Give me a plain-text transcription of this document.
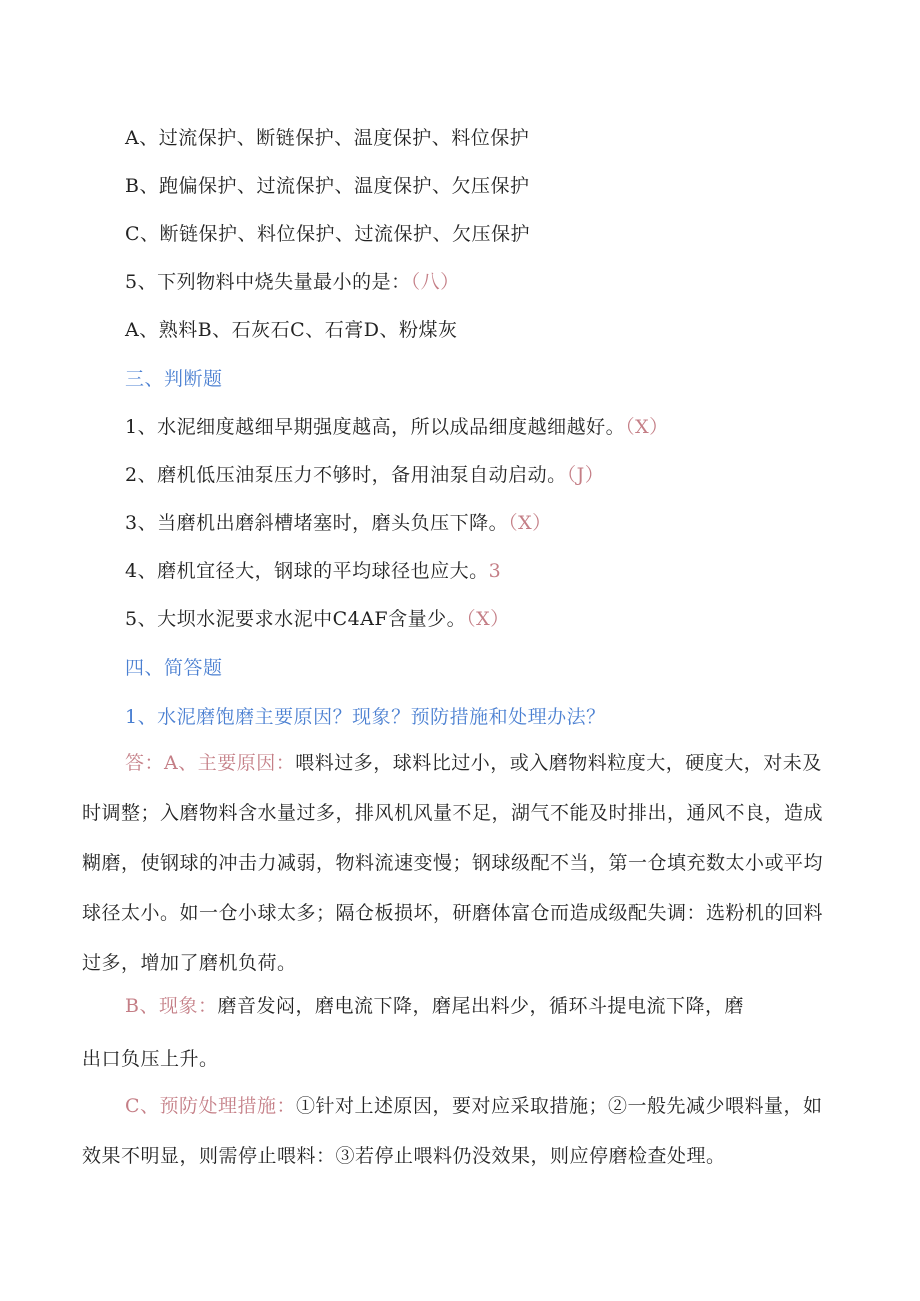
A、过流保护、断链保护、温度保护、料位保护

B、跑偏保护、过流保护、温度保护、欠压保护

C、断链保护、料位保护、过流保护、欠压保护

5、下列物料中烧失量最小的是：（八）

A、熟料B、石灰石C、石膏D、粉煤灰

三、判断题

1、水泥细度越细早期强度越高，所以成品细度越细越好。（X）

2、磨机低压油泵压力不够时，备用油泵自动启动。（J）

3、当磨机出磨斜槽堵塞时，磨头负压下降。（X）

4、磨机宜径大，钢球的平均球径也应大。3

5、大坝水泥要求水泥中C4AF含量少。（X）

四、简答题

1、水泥磨饱磨主要原因？现象？预防措施和处理办法？

答：A、主要原因：喂料过多，球料比过小，或入磨物料粒度大，硬度大，对未及
时调整；入磨物料含水量过多，排风机风量不足，湖气不能及时排出，通风不良，造成
糊磨，使钢球的冲击力减弱，物料流速变慢；钢球级配不当，第一仓填充数太小或平均
球径太小。如一仓小球太多；隔仓板损坏，研磨体富仓而造成级配失调：选粉机的回料
过多，增加了磨机负荷。
B、现象：磨音发闷，磨电流下降，磨尾出料少，循环斗提电流下降，磨
出口负压上升。
C、预防处理措施：①针对上述原因，要对应采取措施；②一般先减少喂料量，如
效果不明显，则需停止喂料：③若停止喂料仍没效果，则应停磨检查处理。
